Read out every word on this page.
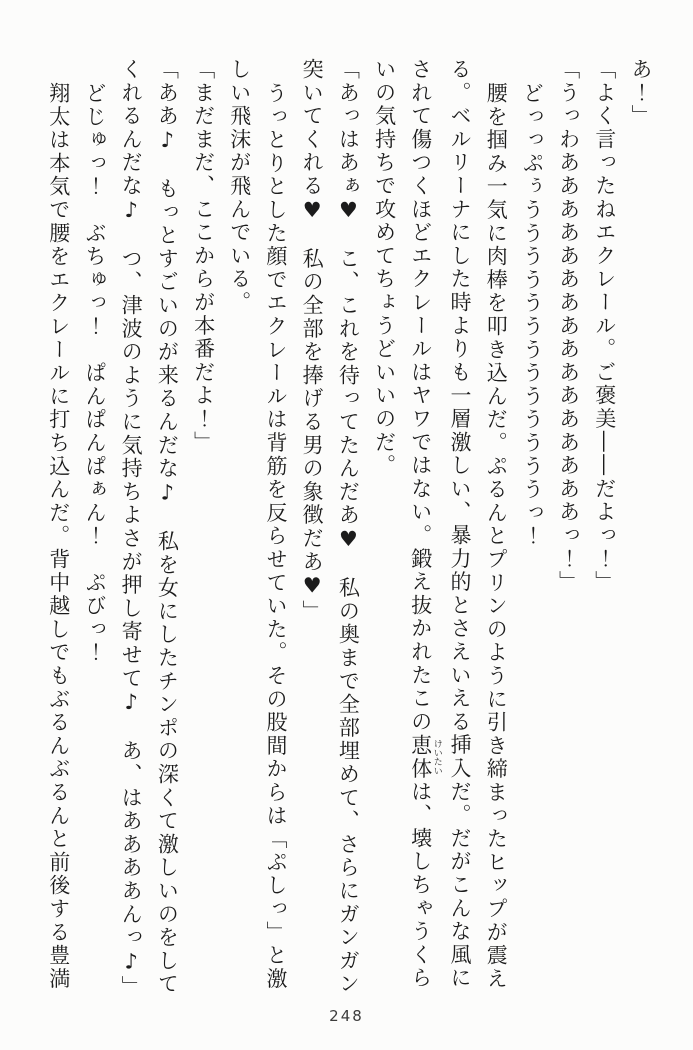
あ！」

「よく言ったねエクレール。ご褒美――だよっ！」

「うっわああああああああああああああああっ！」

どっっぷぅうううううううううううううっ！

腰を掴み一気に肉棒を叩き込んだ。ぷるんとプリンのように引き締まったヒップが震え

る。ベルリーナにした時よりも一層激しい、暴力的とさえいえる挿入だ。だがこんな風に

されて傷つくほどエクレールはヤワではない。鍛え抜かれたこの恵体 けいたいは、壊しちゃうくら

いの気持ちで攻めてちょうどいいのだ。

「あっはあぁ♥　こ、これを待ってたんだあ♥　私の奥まで全部埋めて、さらにガンガン

突いてくれる♥　私の全部を捧げる男の象徴だあ♥」

うっとりとした顔でエクレールは背筋を反らせていた。その股間からは「ぷしっ」と激

しい飛沫が飛んでいる。

「まだまだ、ここからが本番だよ！」

「ああ♪　もっとすごいのが来るんだな♪　私を女にしたチンポの深くて激しいのをして

くれるんだな♪　つ、津波のように気持ちよさが押し寄せて♪　あ、はああああんっ♪」

どじゅっ！　ぶちゅっ！　ぱんぱんぱぁん！　ぷびっ！

翔太は本気で腰をエクレールに打ち込んだ。背中越しでもぶるんぶるんと前後する豊満

248
